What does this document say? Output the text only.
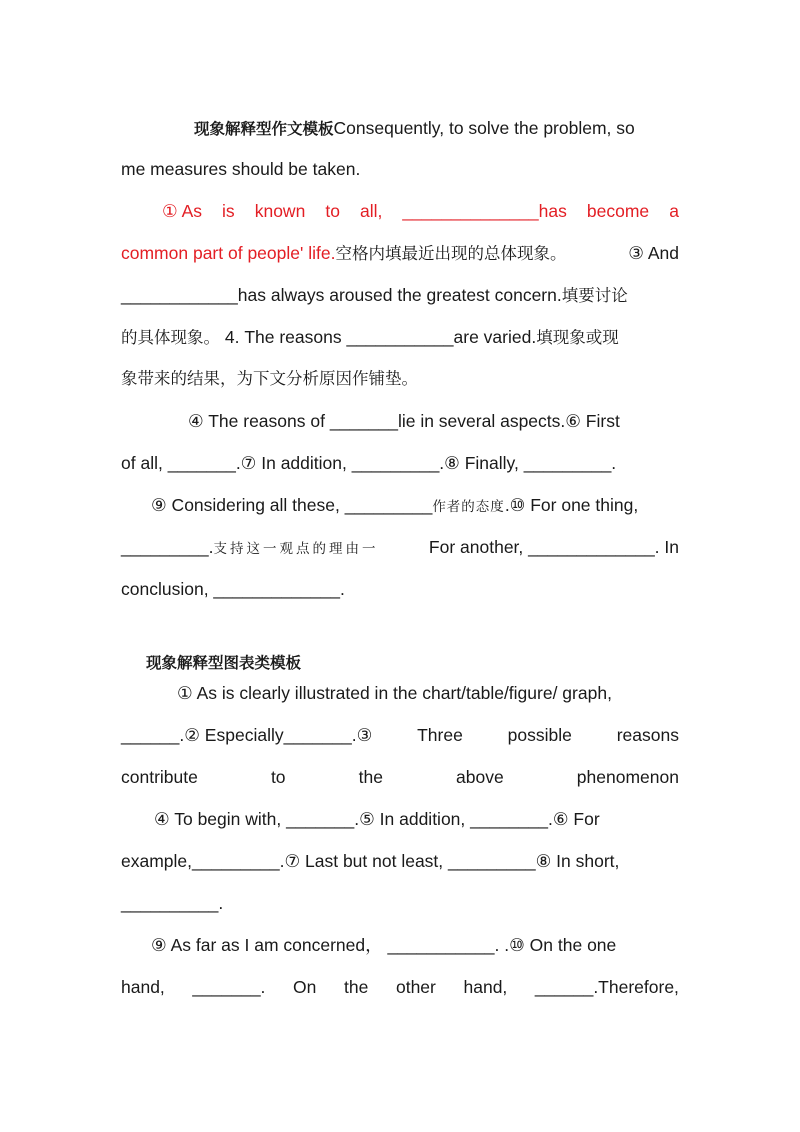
现象解释型作文模板Consequently, to solve the problem, so
me measures should be taken.
① As is known to all, ______________has become a
common part of people' life.空格内填最近出现的总体现象。	③ And
____________has always aroused the greatest concern.填要讨论
的具体现象。 4. The reasons ___________are varied.填现象或现
象带来的结果，为下文分析原因作铺垫。
④ The reasons of _______lie in several aspects.⑥ First
of all, _______.⑦ In addition, _________.⑧ Finally, _________.
⑨ Considering all these, _________作者的态度.⑩ For one thing,
_________.支持这一观点的理由一	For another, _____________. In
conclusion, _____________.
现象解释型图表类模板
① As is clearly illustrated in the chart/table/figure/ graph,
______.② Especially_______.③	Three	possible	reasons
contribute	to	the	above	phenomenon
④ To begin with, _______.⑤ In addition, ________.⑥ For
example,_________.⑦ Last but not least, _________⑧ In short,
__________.
⑨ As far as I am concerned， ___________. .⑩ On the one
hand, _______. On the other hand, ______.Therefore,
